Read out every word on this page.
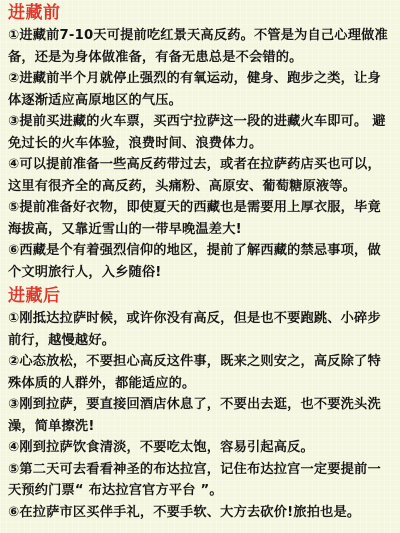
进藏前
①进藏前7-10天可提前吃红景天高反药。不管是为自己心理做准备，还是为身体做准备，有备无患总是不会错的。
②进藏前半个月就停止强烈的有氧运动，健身、跑步之类，让身体逐渐适应高原地区的气压。
③提前买进藏的火车票，买西宁拉萨这一段的进藏火车即可。 避免过长的火车体验，浪费时间、浪费体力。
④可以提前准备一些高反药带过去，或者在拉萨药店买也可以，这里有很齐全的高反药，头痛粉、高原安、葡萄糖原液等。
⑤提前准备好衣物，即使夏天的西藏也是需要用上厚衣服，毕竟海拔高，又靠近雪山的一带早晚温差大!
⑥西藏是个有着强烈信仰的地区，提前了解西藏的禁忌事项，做个文明旅行人，入乡随俗!
进藏后
①刚抵达拉萨时候，或许你没有高反，但是也不要跑跳、小碎步前行，越慢越好。
②心态放松，不要担心高反这件事，既来之则安之，高反除了特殊体质的人群外，都能适应的。
③刚到拉萨，要直接回酒店休息了，不要出去逛，也不要洗头洗澡，简单擦洗!
④刚到拉萨饮食清淡，不要吃太饱，容易引起高反。
⑤第二天可去看看神圣的布达拉宫，记住布达拉宫一定要提前一天预约门票“ 布达拉宫官方平台 ”。
⑥在拉萨市区买伴手礼，不要手软、大方去砍价!旅拍也是。
